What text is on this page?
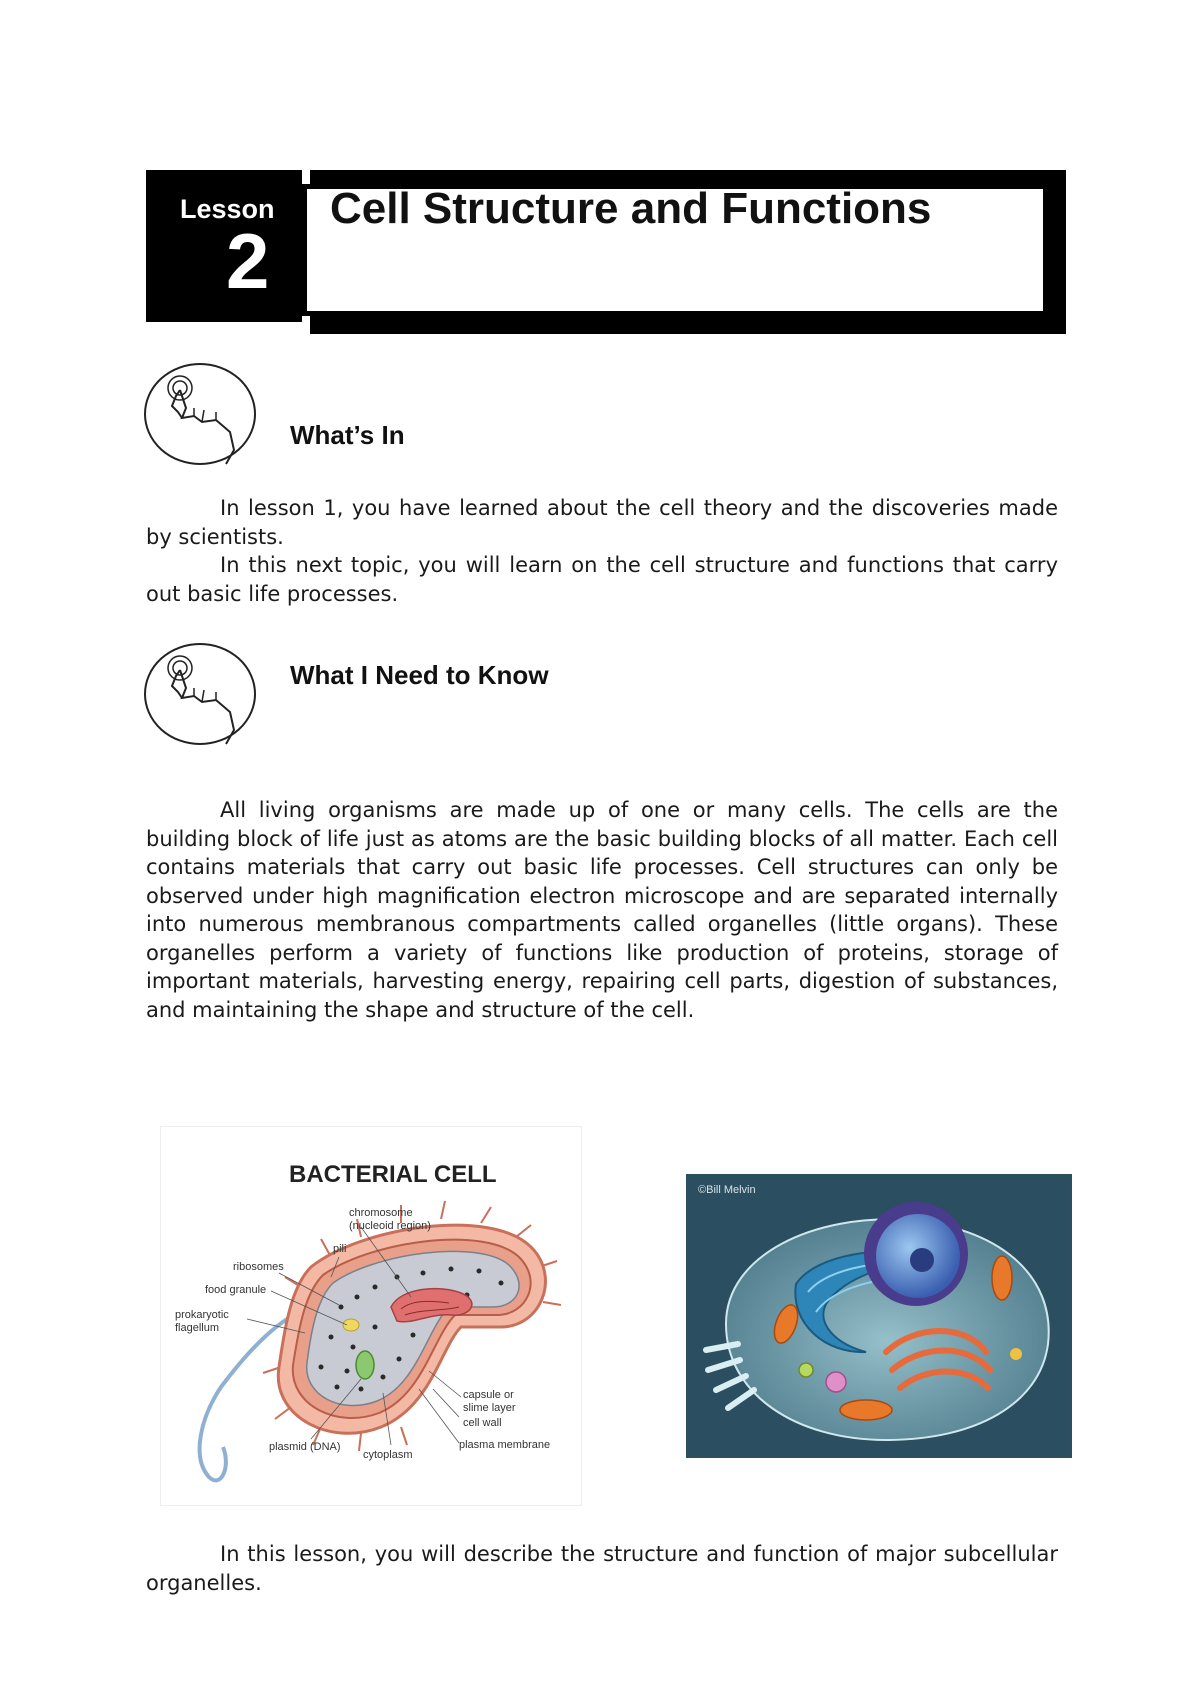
Lesson
2
Cell Structure and Functions
What’s In

In lesson 1, you have learned about the cell theory and the discoveries made by scientists.

In this next topic, you will learn on the cell structure and functions that carry out basic life processes.

What I Need to Know

All living organisms are made up of one or many cells. The cells are the building block of life just as atoms are the basic building blocks of all matter. Each cell contains materials that carry out basic life processes. Cell structures can only be observed under high magnification electron microscope and are separated internally into numerous membranous compartments called organelles (little organs). These organelles perform a variety of functions like production of proteins, storage of important materials, harvesting energy, repairing cell parts, digestion of substances, and maintaining the shape and structure of the cell.

BACTERIAL CELL
chromosome
(nucleoid region)
pili
ribosomes
food granule
prokaryotic
flagellum
capsule or
slime layer
cell wall
plasmid (DNA)
cytoplasm
plasma membrane
©Bill Melvin

In this lesson, you will describe the structure and function of major subcellular organelles.
